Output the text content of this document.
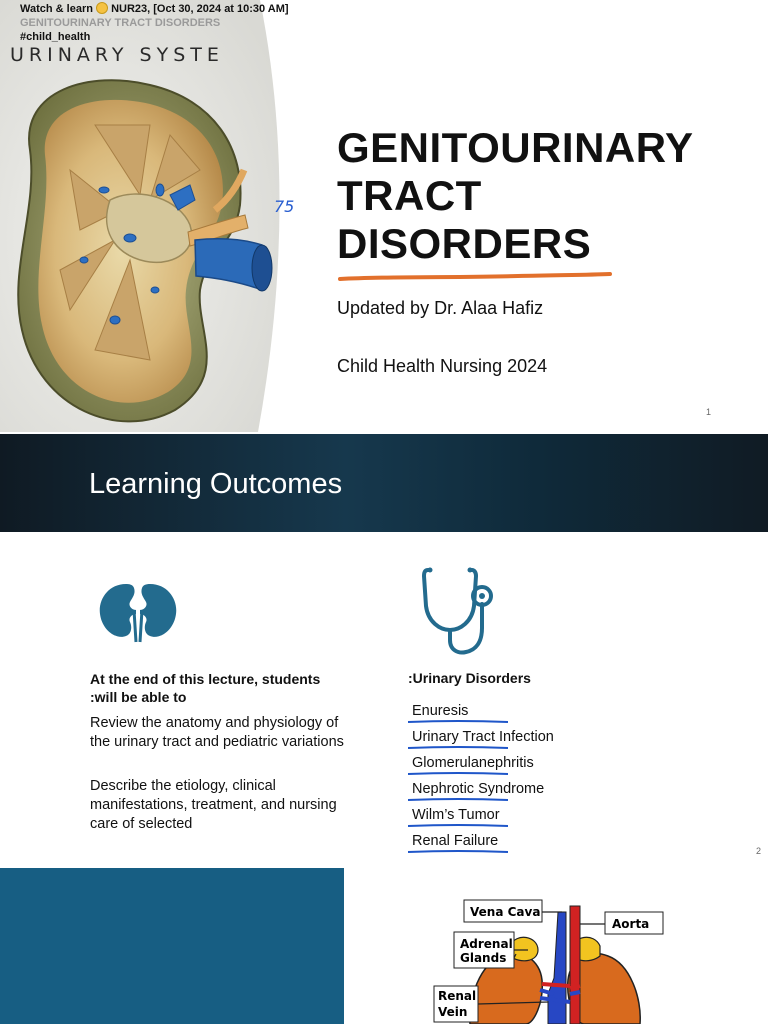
Watch & learn NUR23, [Oct 30, 2024 at 10:30 AM]
GENITOURINARY TRACT DISORDERS
#child_health
URINARY SYSTE
75
GENITOURINARY
TRACT
DISORDERS
Updated by Dr. Alaa Hafiz
Child Health Nursing 2024
1
Learning Outcomes
At the end of this lecture, students
:will be able to
Review the anatomy and physiology of the urinary tract and pediatric variations
Describe the etiology, clinical manifestations, treatment, and nursing care of selected
:Urinary Disorders
Enuresis
Urinary Tract Infection
Glomerulanephritis
Nephrotic Syndrome
Wilm’s Tumor
Renal Failure
2
Vena Cava
Aorta
Adrenal
Glands
Renal
Vein
